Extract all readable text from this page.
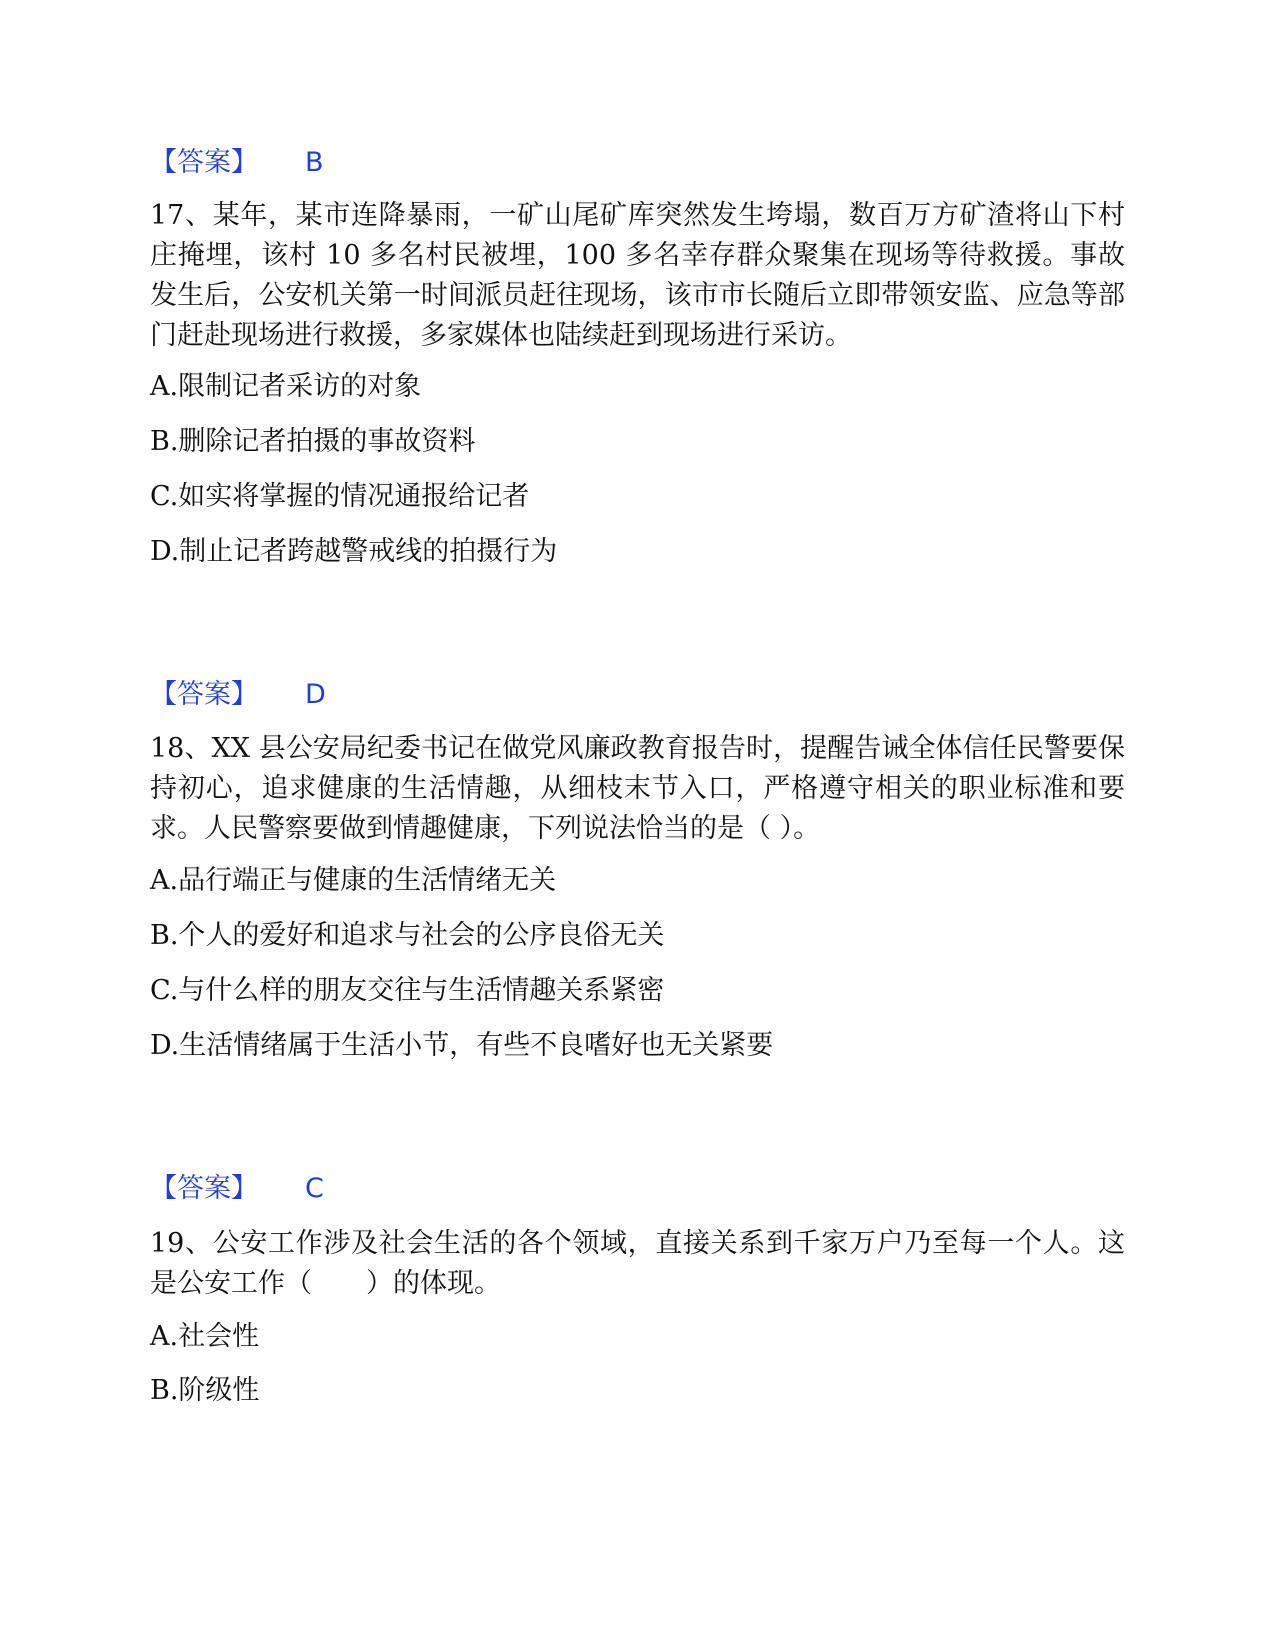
【答案】 B
17、某年，某市连降暴雨，一矿山尾矿库突然发生垮塌，数百万方矿渣将山下村庄掩埋，该村 10 多名村民被埋，100 多名幸存群众聚集在现场等待救援。事故发生后，公安机关第一时间派员赶往现场，该市市长随后立即带领安监、应急等部门赶赴现场进行救援，多家媒体也陆续赶到现场进行采访。
A.限制记者采访的对象
B.删除记者拍摄的事故资料
C.如实将掌握的情况通报给记者
D.制止记者跨越警戒线的拍摄行为
【答案】 D
18、XX 县公安局纪委书记在做党风廉政教育报告时，提醒告诫全体信任民警要保持初心，追求健康的生活情趣，从细枝末节入口，严格遵守相关的职业标准和要求。人民警察要做到情趣健康，下列说法恰当的是（ ）。
A.品行端正与健康的生活情绪无关
B.个人的爱好和追求与社会的公序良俗无关
C.与什么样的朋友交往与生活情趣关系紧密
D.生活情绪属于生活小节，有些不良嗜好也无关紧要
【答案】 C
19、公安工作涉及社会生活的各个领域，直接关系到千家万户乃至每一个人。这是公安工作（　　）的体现。
A.社会性
B.阶级性
